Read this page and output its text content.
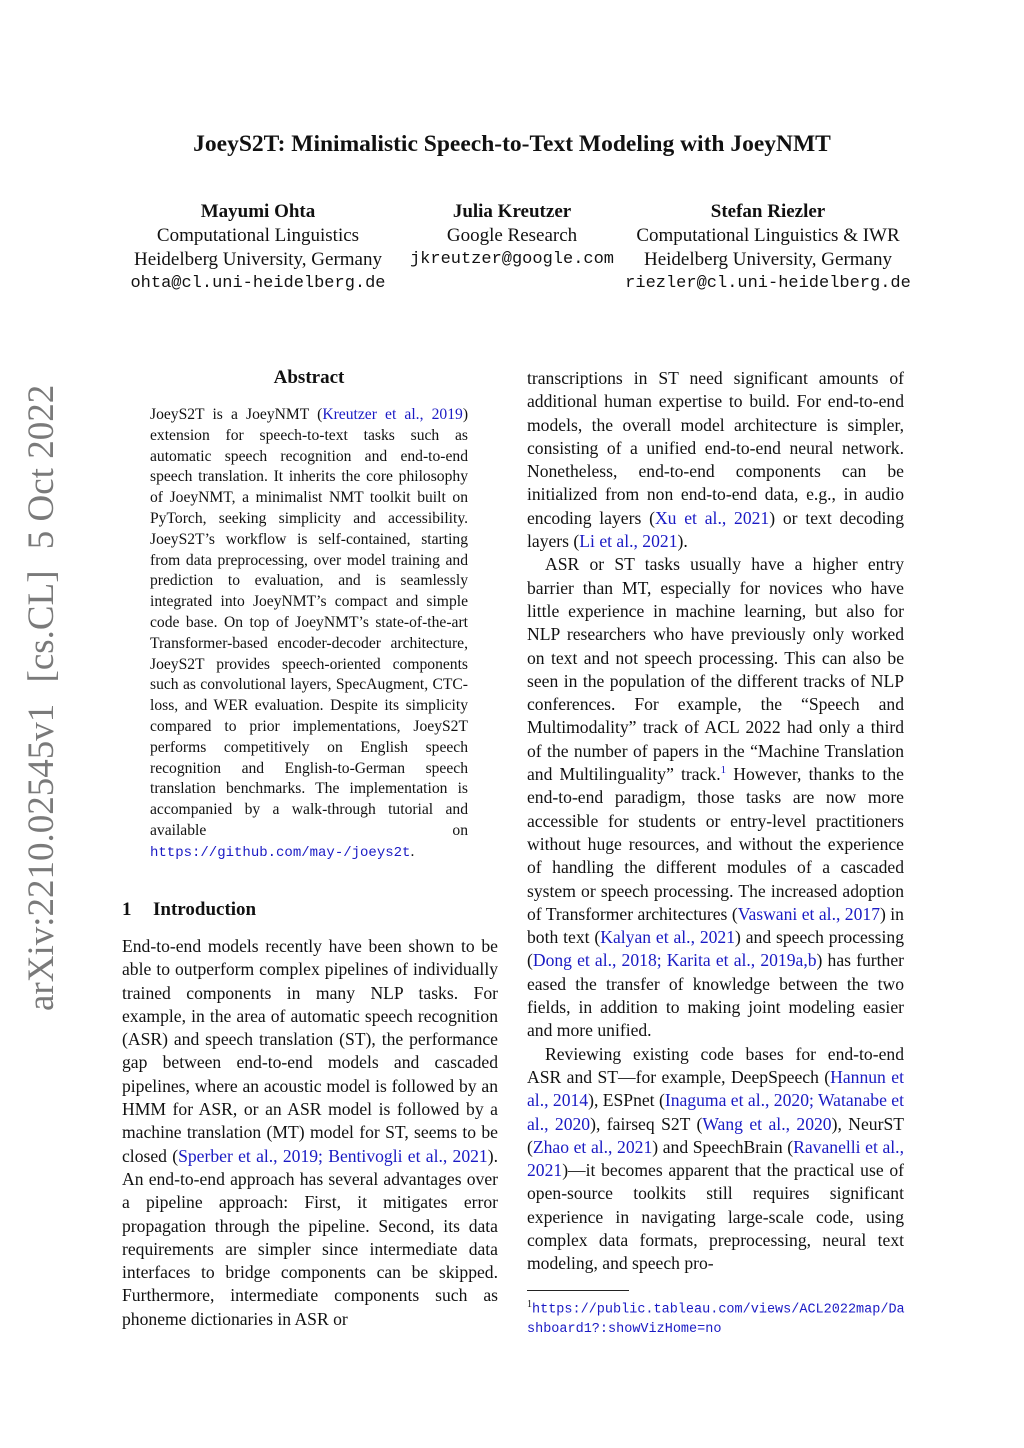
JoeyS2T: Minimalistic Speech-to-Text Modeling with JoeyNMT
Mayumi Ohta
Computational Linguistics
Heidelberg University, Germany
ohta@cl.uni-heidelberg.de
Julia Kreutzer
Google Research
jkreutzer@google.com
Stefan Riezler
Computational Linguistics & IWR
Heidelberg University, Germany
riezler@cl.uni-heidelberg.de
arXiv:2210.02545v1 [cs.CL] 5 Oct 2022
Abstract
JoeyS2T is a JoeyNMT (Kreutzer et al., 2019) extension for speech-to-text tasks such as automatic speech recognition and end-to-end speech translation. It inherits the core philosophy of JoeyNMT, a minimalist NMT toolkit built on PyTorch, seeking simplicity and accessibility. JoeyS2T’s workflow is self-contained, starting from data preprocessing, over model training and prediction to evaluation, and is seamlessly integrated into JoeyNMT’s compact and simple code base. On top of JoeyNMT’s state-of-the-art Transformer-based encoder-decoder architecture, JoeyS2T provides speech-oriented components such as convolutional layers, SpecAugment, CTC-loss, and WER evaluation. Despite its simplicity compared to prior implementations, JoeyS2T performs competitively on English speech recognition and English-to-German speech translation benchmarks. The implementation is accompanied by a walk-through tutorial and available on https://github.com/may-/joeys2t.
1 Introduction

End-to-end models recently have been shown to be able to outperform complex pipelines of individually trained components in many NLP tasks. For example, in the area of automatic speech recognition (ASR) and speech translation (ST), the performance gap between end-to-end models and cascaded pipelines, where an acoustic model is followed by an HMM for ASR, or an ASR model is followed by a machine translation (MT) model for ST, seems to be closed (Sperber et al., 2019; Bentivogli et al., 2021). An end-to-end approach has several advantages over a pipeline approach: First, it mitigates error propagation through the pipeline. Second, its data requirements are simpler since intermediate data interfaces to bridge components can be skipped. Furthermore, intermediate components such as phoneme dictionaries in ASR or

transcriptions in ST need significant amounts of additional human expertise to build. For end-to-end models, the overall model architecture is simpler, consisting of a unified end-to-end neural network. Nonetheless, end-to-end components can be initialized from non end-to-end data, e.g., in audio encoding layers (Xu et al., 2021) or text decoding layers (Li et al., 2021).

ASR or ST tasks usually have a higher entry barrier than MT, especially for novices who have little experience in machine learning, but also for NLP researchers who have previously only worked on text and not speech processing. This can also be seen in the population of the different tracks of NLP conferences. For example, the “Speech and Multimodality” track of ACL 2022 had only a third of the number of papers in the “Machine Translation and Multilinguality” track.$^1$ However, thanks to the end-to-end paradigm, those tasks are now more accessible for students or entry-level practitioners without huge resources, and without the experience of handling the different modules of a cascaded system or speech processing. The increased adoption of Transformer architectures (Vaswani et al., 2017) in both text (Kalyan et al., 2021) and speech processing (Dong et al., 2018; Karita et al., 2019a,b) has further eased the transfer of knowledge between the two fields, in addition to making joint modeling easier and more unified.

Reviewing existing code bases for end-to-end ASR and ST—for example, DeepSpeech (Hannun et al., 2014), ESPnet (Inaguma et al., 2020; Watanabe et al., 2020), fairseq S2T (Wang et al., 2020), NeurST (Zhao et al., 2021) and SpeechBrain (Ravanelli et al., 2021)—it becomes apparent that the practical use of open-source toolkits still requires significant experience in navigating large-scale code, using complex data formats, preprocessing, neural text modeling, and speech pro-

$^1$https://public.tableau.com/views/ACL2022map/Dashboard1?:showVizHome=no
